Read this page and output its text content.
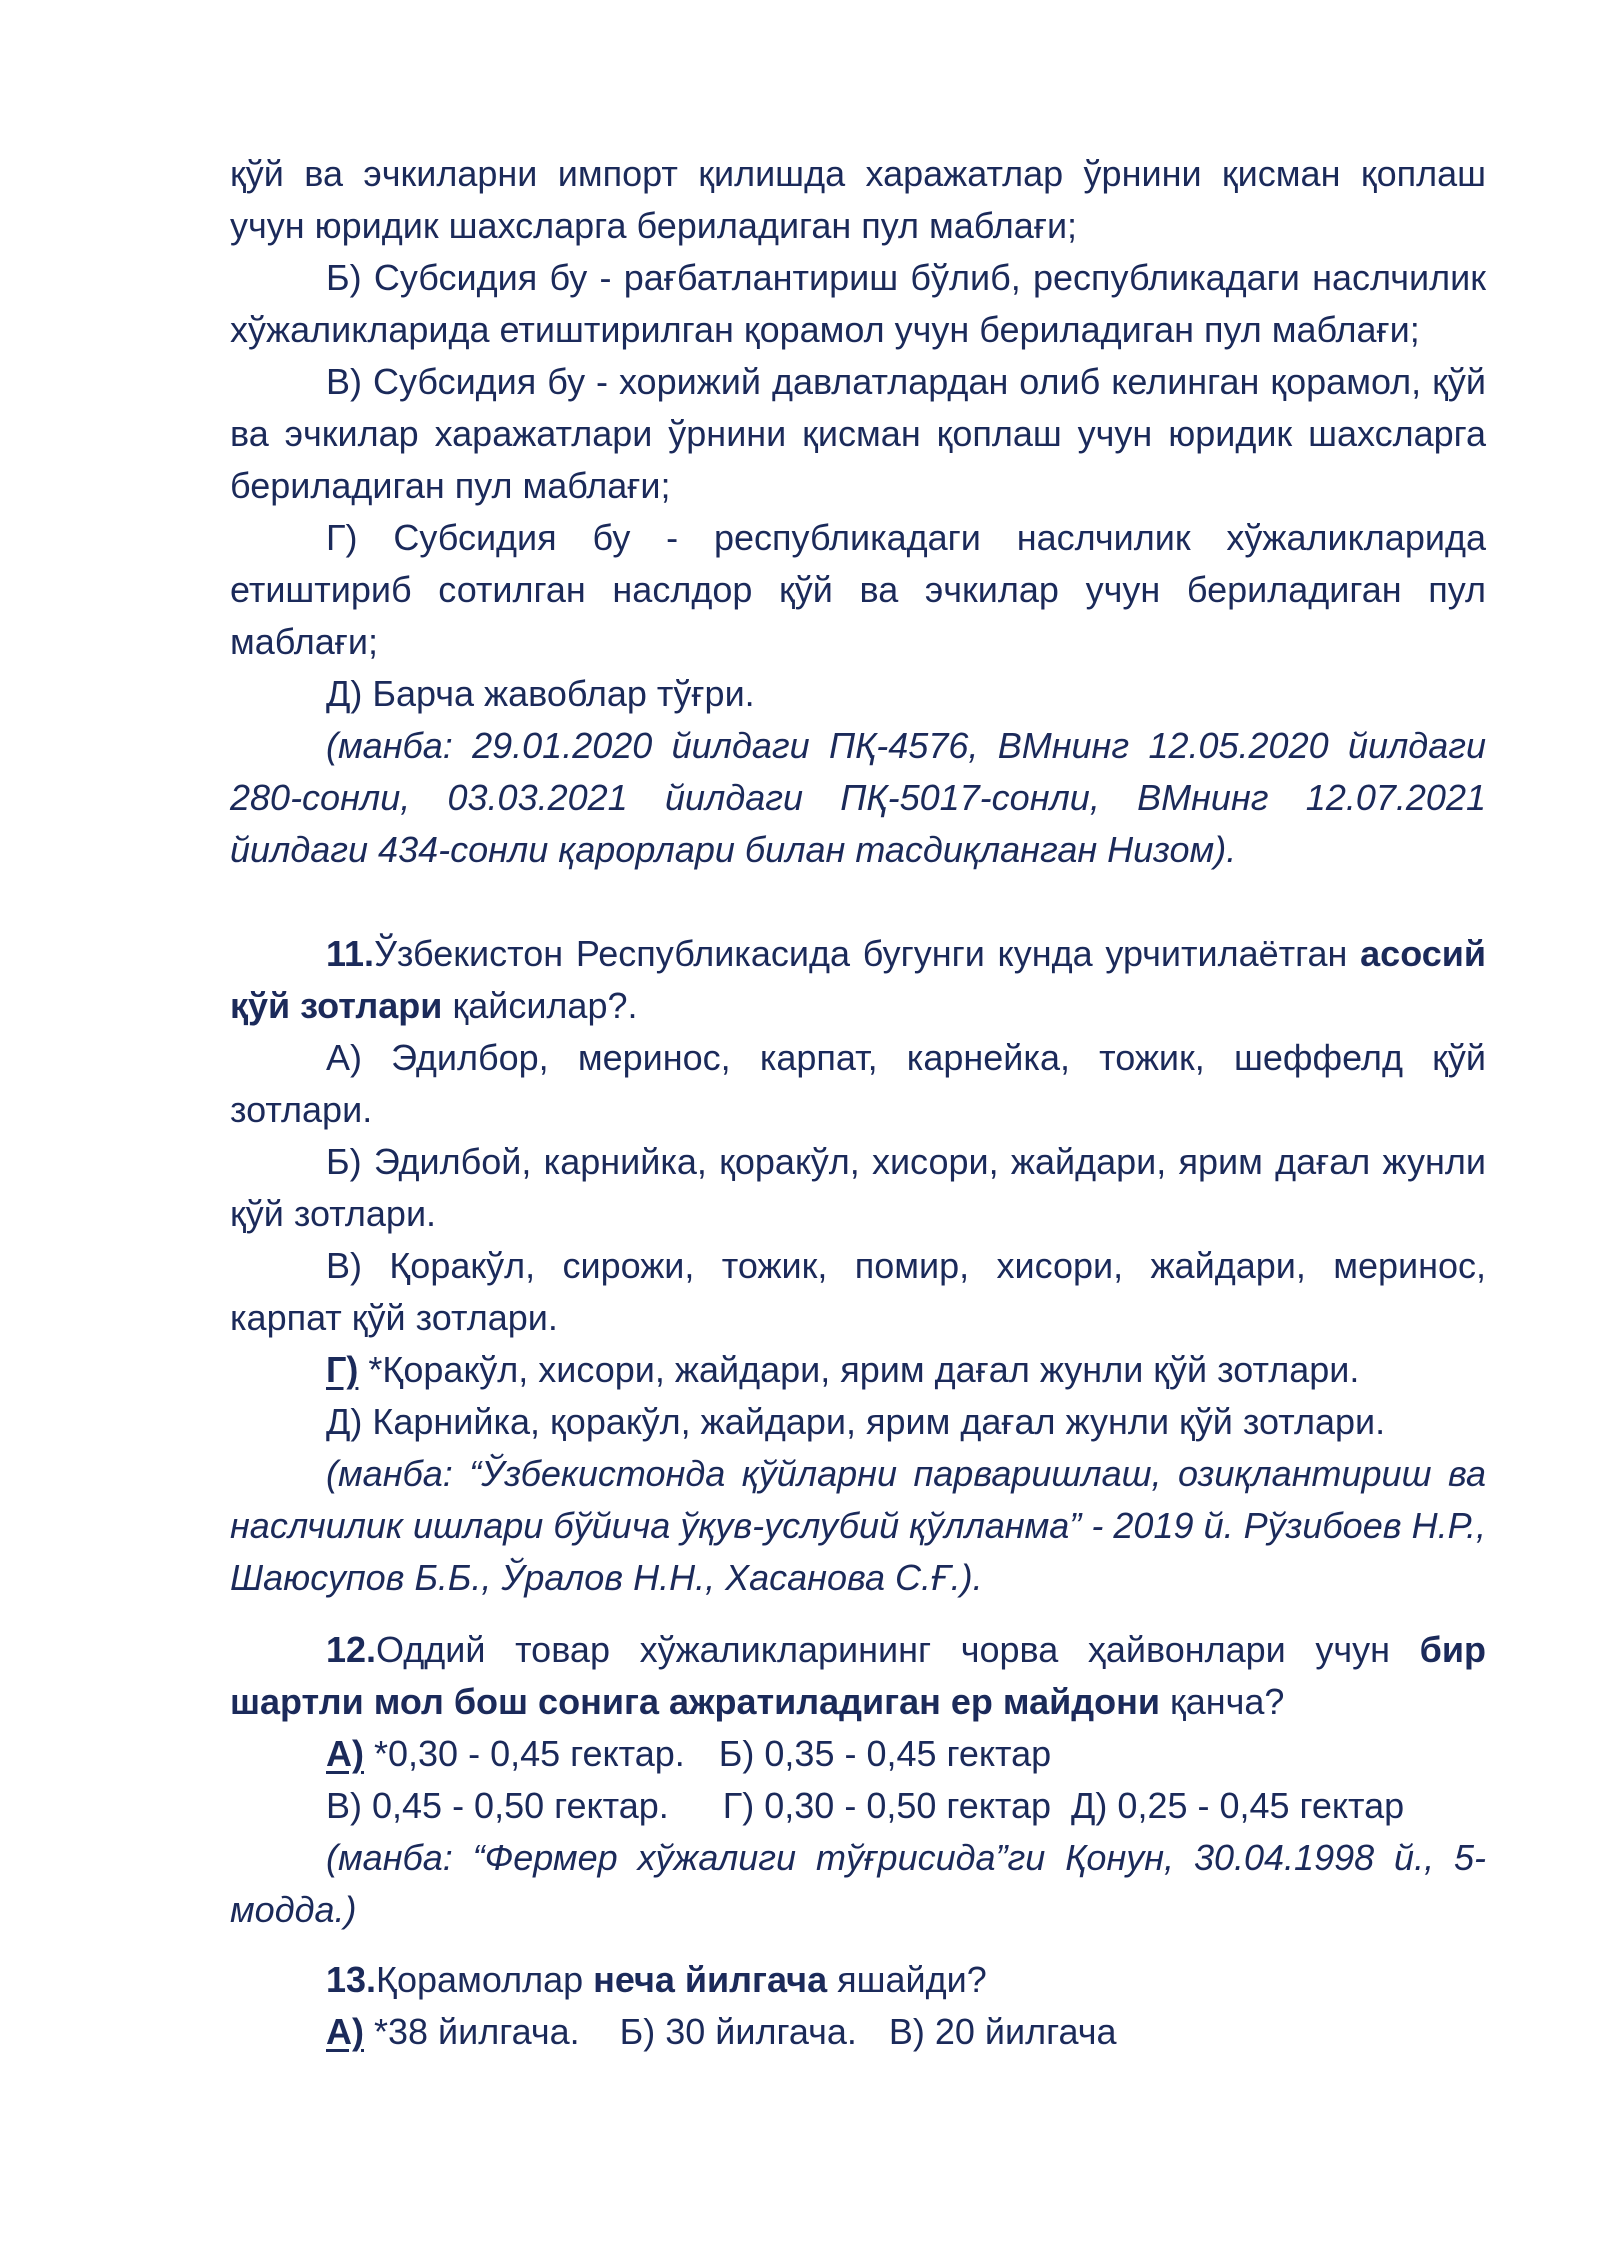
қўй ва эчкиларни импорт қилишда харажатлар ўрнини қисман қоплаш учун юридик шахсларга бериладиган пул маблағи;

Б) Субсидия бу - рағбатлантириш бўлиб, республикадаги наслчилик хўжаликларида етиштирилган қорамол учун бериладиган пул маблағи;

В) Субсидия бу - хорижий давлатлардан олиб келинган қорамол, қўй ва эчкилар харажатлари ўрнини қисман қоплаш учун юридик шахсларга бериладиган пул маблағи;

Г) Субсидия бу - республикадаги наслчилик хўжаликларида етиштириб сотилган наслдор қўй ва эчкилар учун бериладиган пул маблағи;

Д) Барча жавоблар тўғри.

(манба: 29.01.2020 йилдаги ПҚ-4576, ВМнинг 12.05.2020 йилдаги 280-сонли, 03.03.2021 йилдаги ПҚ-5017-сонли, ВМнинг 12.07.2021 йилдаги 434-сонли қарорлари билан тасдиқланган Низом).

11.Ўзбекистон Республикасида бугунги кунда урчитилаётган асосий қўй зотлари қайсилар?.

А) Эдилбор, меринос, карпат, карнейка, тожик, шеффелд қўй зотлари.

Б) Эдилбой, карнийка, қоракўл, хисори, жайдари, ярим дағал жунли қўй зотлари.

В) Қоракўл, сирожи, тожик, помир, хисори, жайдари, меринос, карпат қўй зотлари.

Г) *Қоракўл, хисори, жайдари, ярим дағал жунли қўй зотлари.

Д) Карнийка, қоракўл, жайдари, ярим дағал жунли қўй зотлари.

(манба: “Ўзбекистонда қўйларни парваришлаш, озиқлантириш ва наслчилик ишлари бўйича ўқув-услубий қўлланма” - 2019 й. Рўзибоев Н.Р., Шаюсупов Б.Б., Ўралов Н.Н., Хасанова С.Ғ.).

12.Оддий товар хўжаликларининг чорва ҳайвонлари учун бир шартли мол бош сонига ажратиладиган ер майдони қанча?

А) *0,30 - 0,45 гектар. Б) 0,35 - 0,45 гектар
В) 0,45 - 0,50 гектар. Г) 0,30 - 0,50 гектар Д) 0,25 - 0,45 гектар

(манба: “Фермер хўжалиги тўғрисида”ги Қонун, 30.04.1998 й., 5-модда.)

13.Қорамоллар неча йилгача яшайди?

А) *38 йилгача. Б) 30 йилгача. В) 20 йилгача
